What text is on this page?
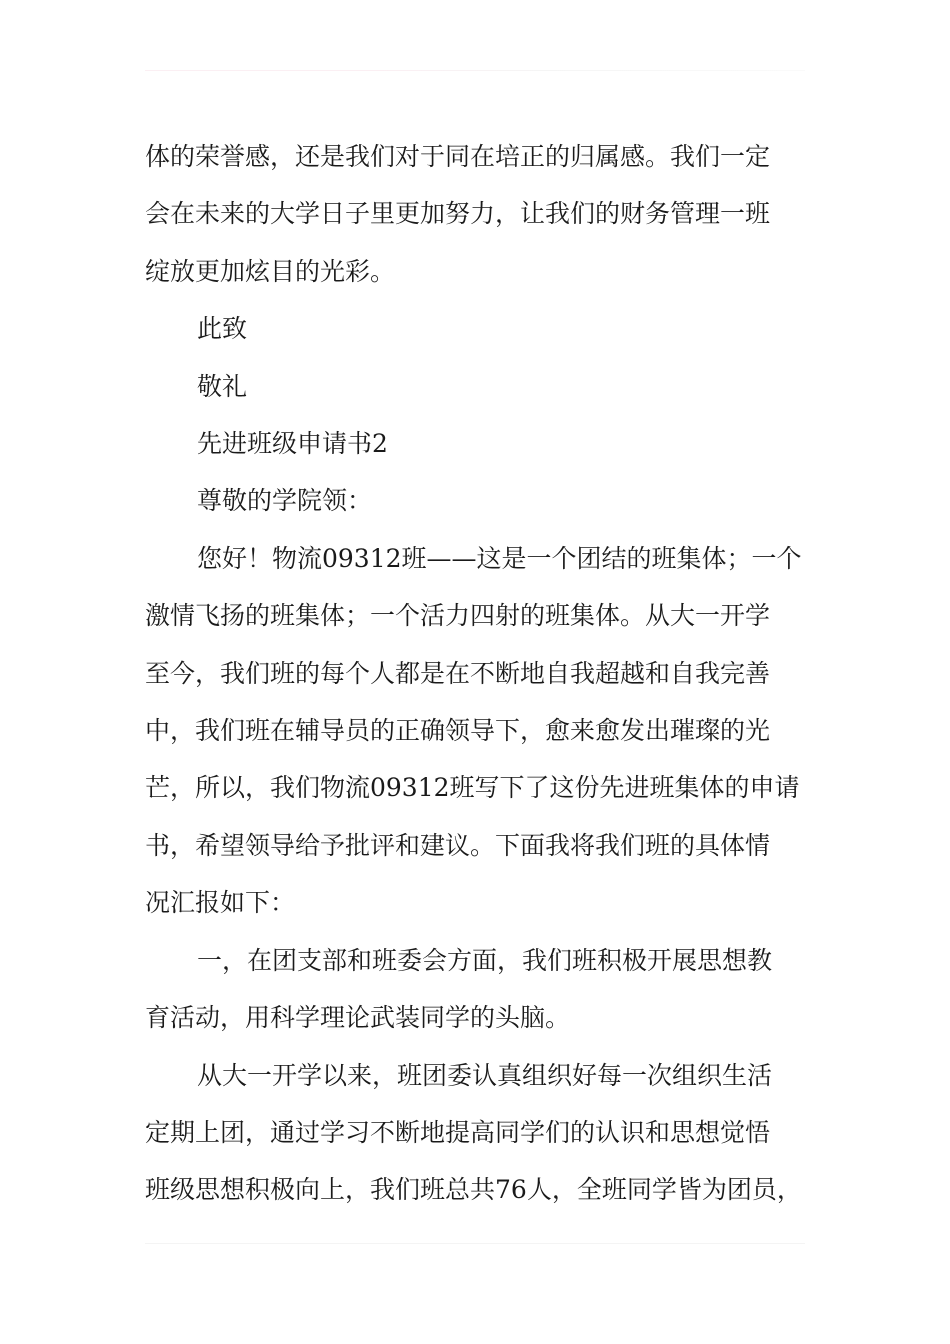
体的荣誉感，还是我们对于同在培正的归属感。我们一定

会在未来的大学日子里更加努力，让我们的财务管理一班

绽放更加炫目的光彩。

此致

敬礼

先进班级申请书2

尊敬的学院领：

您好！物流09312班——这是一个团结的班集体；一个

激情飞扬的班集体；一个活力四射的班集体。从大一开学

至今，我们班的每个人都是在不断地自我超越和自我完善

中，我们班在辅导员的正确领导下，愈来愈发出璀璨的光

芒，所以，我们物流09312班写下了这份先进班集体的申请

书，希望领导给予批评和建议。下面我将我们班的具体情

况汇报如下：

一，在团支部和班委会方面，我们班积极开展思想教

育活动，用科学理论武装同学的头脑。

从大一开学以来，班团委认真组织好每一次组织生活

定期上团，通过学习不断地提高同学们的认识和思想觉悟

班级思想积极向上，我们班总共76人，全班同学皆为团员，
